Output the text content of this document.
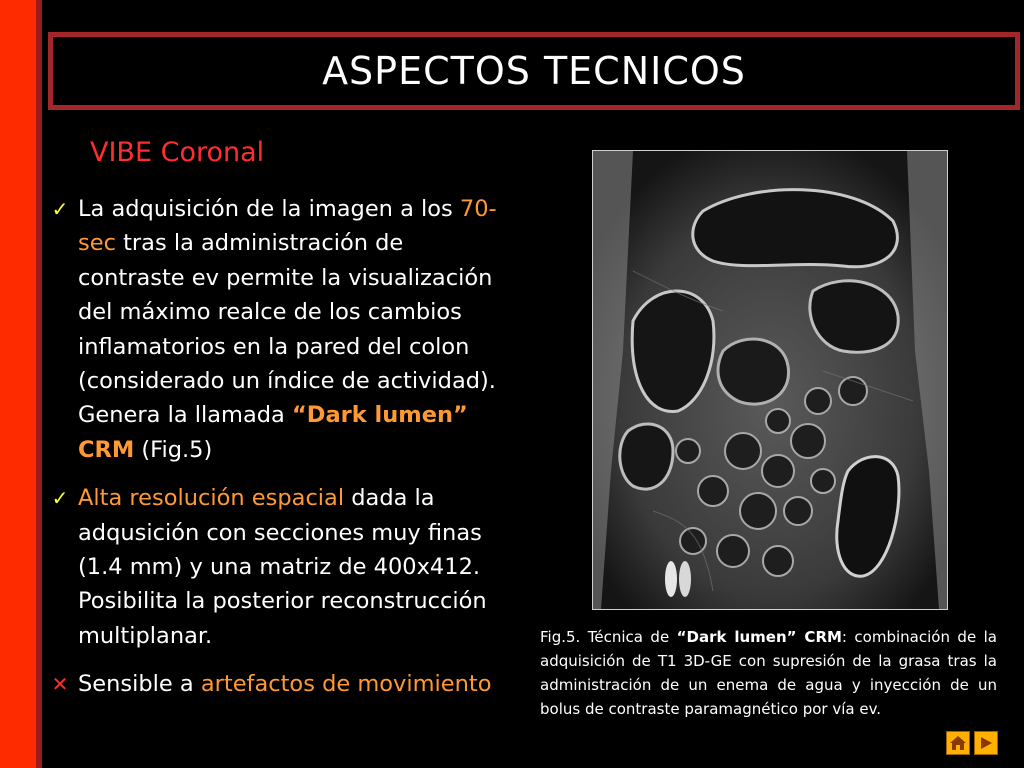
ASPECTOS TECNICOS
VIBE Coronal
✓ La adquisición de la imagen a los 70-sec tras la administración de contraste ev permite la visualización del máximo realce de los cambios inflamatorios en la pared del colon (considerado un índice de actividad). Genera la llamada “Dark lumen” CRM (Fig.5)
✓ Alta resolución espacial dada la adqusición con secciones muy finas (1.4 mm) y una matriz de 400x412. Posibilita la posterior reconstrucción multiplanar.
✕ Sensible a artefactos de movimiento
Fig.5. Técnica de “Dark lumen” CRM: combinación de la adquisición de T1 3D-GE con supresión de la grasa tras la administración de un enema de agua y inyección de un bolus de contraste paramagnético por vía ev.
